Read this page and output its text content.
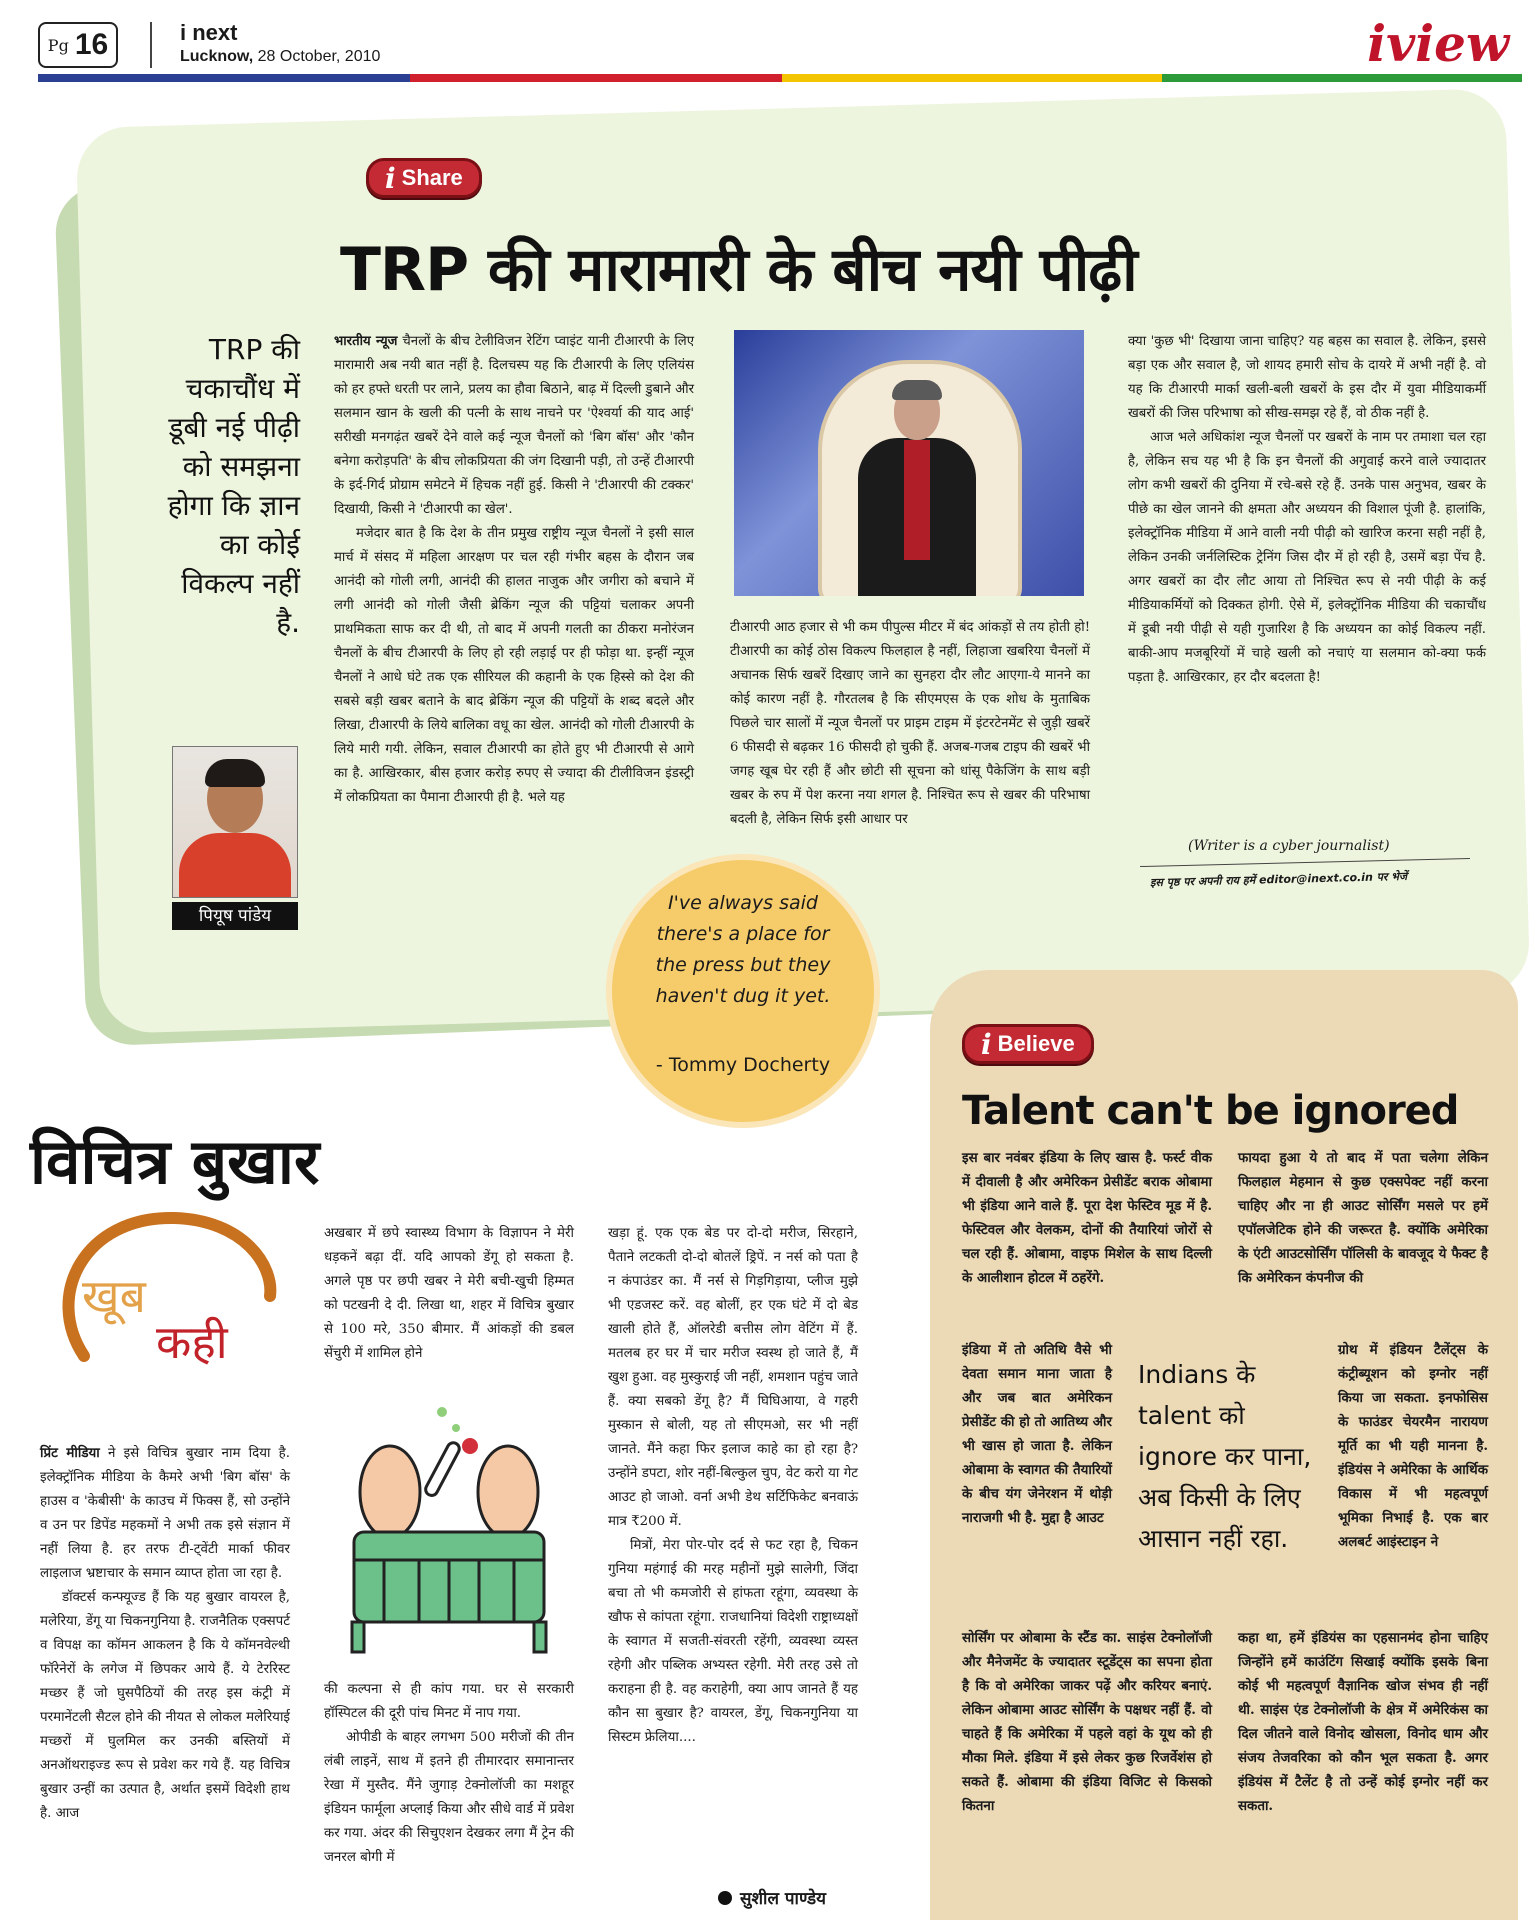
Pg 16	i next
Lucknow, 28 October, 2010	iview
i Share
TRP की मारामारी के बीच नयी पीढ़ी
TRP की चकाचौंध में डूबी नई पीढ़ी को समझना होगा कि ज्ञान का कोई विकल्प नहीं है.
पियूष पांडेय

भारतीय न्यूज चैनलों के बीच टेलीविजन रेटिंग प्वाइंट यानी टीआरपी के लिए मारामारी अब नयी बात नहीं है. दिलचस्प यह कि टीआरपी के लिए एलियंस को हर हफ्ते धरती पर लाने, प्रलय का हौवा बिठाने, बाढ़ में दिल्ली डुबाने और सलमान खान के खली की पत्नी के साथ नाचने पर 'ऐश्वर्या की याद आई' सरीखी मनगढ़ंत खबरें देने वाले कई न्यूज चैनलों को 'बिग बॉस' और 'कौन बनेगा करोड़पति' के बीच लोकप्रियता की जंग दिखानी पड़ी, तो उन्हें टीआरपी के इर्द-गिर्द प्रोग्राम समेटने में हिचक नहीं हुई. किसी ने 'टीआरपी की टक्कर' दिखायी, किसी ने 'टीआरपी का खेल'.

मजेदार बात है कि देश के तीन प्रमुख राष्ट्रीय न्यूज चैनलों ने इसी साल मार्च में संसद में महिला आरक्षण पर चल रही गंभीर बहस के दौरान जब आनंदी को गोली लगी, आनंदी की हालत नाजुक और जगीरा को बचाने में लगी आनंदी को गोली जैसी ब्रेकिंग न्यूज की पट्टियां चलाकर अपनी प्राथमिकता साफ कर दी थी, तो बाद में अपनी गलती का ठीकरा मनोरंजन चैनलों के बीच टीआरपी के लिए हो रही लड़ाई पर ही फोड़ा था. इन्हीं न्यूज चैनलों ने आधे घंटे तक एक सीरियल की कहानी के एक हिस्से को देश की सबसे बड़ी खबर बताने के बाद ब्रेकिंग न्यूज की पट्टियों के शब्द बदले और लिखा, टीआरपी के लिये बालिका वधू का खेल. आनंदी को गोली टीआरपी के लिये मारी गयी. लेकिन, सवाल टीआरपी का होते हुए भी टीआरपी से आगे का है. आखिरकार, बीस हजार करोड़ रुपए से ज्यादा की टीलीविजन इंडस्ट्री में लोकप्रियता का पैमाना टीआरपी ही है. भले यह

टीआरपी आठ हजार से भी कम पीपुल्स मीटर में बंद आंकड़ों से तय होती हो! टीआरपी का कोई ठोस विकल्प फिलहाल है नहीं, लिहाजा खबरिया चैनलों में अचानक सिर्फ खबरें दिखाए जाने का सुनहरा दौर लौट आएगा-ये मानने का कोई कारण नहीं है. गौरतलब है कि सीएमएस के एक शोध के मुताबिक पिछले चार सालों में न्यूज चैनलों पर प्राइम टाइम में इंटरटेनमेंट से जुड़ी खबरें 6 फीसदी से बढ़कर 16 फीसदी हो चुकी हैं. अजब-गजब टाइप की खबरें भी जगह खूब घेर रही हैं और छोटी सी सूचना को धांसू पैकेजिंग के साथ बड़ी खबर के रुप में पेश करना नया शगल है. निश्चित रूप से खबर की परिभाषा बदली है, लेकिन सिर्फ इसी आधार पर

क्या 'कुछ भी' दिखाया जाना चाहिए? यह बहस का सवाल है. लेकिन, इससे बड़ा एक और सवाल है, जो शायद हमारी सोच के दायरे में अभी नहीं है. वो यह कि टीआरपी मार्का खली-बली खबरों के इस दौर में युवा मीडियाकर्मी खबरों की जिस परिभाषा को सीख-समझ रहे हैं, वो ठीक नहीं है.

आज भले अधिकांश न्यूज चैनलों पर खबरों के नाम पर तमाशा चल रहा है, लेकिन सच यह भी है कि इन चैनलों की अगुवाई करने वाले ज्यादातर लोग कभी खबरों की दुनिया में रचे-बसे रहे हैं. उनके पास अनुभव, खबर के पीछे का खेल जानने की क्षमता और अध्ययन की विशाल पूंजी है. हालांकि, इलेक्ट्रॉनिक मीडिया में आने वाली नयी पीढ़ी को खारिज करना सही नहीं है, लेकिन उनकी जर्नलिस्टिक ट्रेनिंग जिस दौर में हो रही है, उसमें बड़ा पेंच है. अगर खबरों का दौर लौट आया तो निश्चित रूप से नयी पीढ़ी के कई मीडियाकर्मियों को दिक्कत होगी. ऐसे में, इलेक्ट्रॉनिक मीडिया की चकाचौंध में डूबी नयी पीढ़ी से यही गुजारिश है कि अध्ययन का कोई विकल्प नहीं. बाकी-आप मजबूरियों में चाहे खली को नचाएं या सलमान को-क्या फर्क पड़ता है. आखिरकार, हर दौर बदलता है!

(Writer is a cyber journalist)
इस पृष्ठ पर अपनी राय हमें editor@inext.co.in पर भेजें
I've always said there's a place for the press but they haven't dug it yet.
- Tommy Docherty
i Believe
Talent can't be ignored

इस बार नवंबर इंडिया के लिए खास है. फर्स्ट वीक में दीवाली है और अमेरिकन प्रेसीडेंट बराक ओबामा भी इंडिया आने वाले हैं. पूरा देश फेस्टिव मूड में है. फेस्टिवल और वेलकम, दोनों की तैयारियां जोरों से चल रही हैं. ओबामा, वाइफ मिशेल के साथ दिल्ली के आलीशान होटल में ठहरेंगे.

इंडिया में तो अतिथि वैसे भी देवता समान माना जाता है और जब बात अमेरिकन प्रेसीडेंट की हो तो आतिथ्य और भी खास हो जाता है. लेकिन ओबामा के स्वागत की तैयारियों के बीच यंग जेनेरशन में थोड़ी नाराजगी भी है. मुद्दा है आउट

सोर्सिंग पर ओबामा के स्टैंड का. साइंस टेक्नोलॉजी और मैनेजमेंट के ज्यादातर स्टूडेंट्स का सपना होता है कि वो अमेरिका जाकर पढ़ें और करियर बनाएं. लेकिन ओबामा आउट सोर्सिंग के पक्षधर नहीं हैं. वो चाहते हैं कि अमेरिका में पहले वहां के यूथ को ही मौका मिले. इंडिया में इसे लेकर कुछ रिजर्वेशंस हो सकते हैं. ओबामा की इंडिया विजिट से किसको कितना

फायदा हुआ ये तो बाद में पता चलेगा लेकिन फिलहाल मेहमान से कुछ एक्सपेक्ट नहीं करना चाहिए और ना ही आउट सोर्सिंग मसले पर हमें एपॉलजेटिक होने की जरूरत है. क्योंकि अमेरिका के एंटी आउटसोर्सिंग पॉलिसी के बावजूद ये फैक्ट है कि अमेरिकन कंपनीज की

ग्रोथ में इंडियन टैलेंट्स के कंट्रीब्यूशन को इग्नोर नहीं किया जा सकता. इनफोसिस के फाउंडर चेयरमैन नारायण मूर्ति का भी यही मानना है. इंडियंस ने अमेरिका के आर्थिक विकास में भी महत्वपूर्ण भूमिका निभाई है. एक बार अलबर्ट आइंस्टाइन ने

कहा था, हमें इंडियंस का एहसानमंद होना चाहिए जिन्होंने हमें काउंटिंग सिखाई क्योंकि इसके बिना कोई भी महत्वपूर्ण वैज्ञानिक खोज संभव ही नहीं थी. साइंस एंड टेक्नोलॉजी के क्षेत्र में अमेरिकंस का दिल जीतने वाले विनोद खोसला, विनोद धाम और संजय तेजवरिका को कौन भूल सकता है. अगर इंडियंस में टैलेंट है तो उन्हें कोई इग्नोर नहीं कर सकता.

Indians के talent को ignore कर पाना, अब किसी के लिए आसान नहीं रहा.
विचित्र बुखार
खूब
कही

प्रिंट मीडिया ने इसे विचित्र बुखार नाम दिया है. इलेक्ट्रॉनिक मीडिया के कैमरे अभी 'बिग बॉस' के हाउस व 'केबीसी' के काउच में फिक्स हैं, सो उन्होंने व उन पर डिपेंड महकमों ने अभी तक इसे संज्ञान में नहीं लिया है. हर तरफ टी-ट्वेंटी मार्का फीवर लाइलाज भ्रष्टाचार के समान व्याप्त होता जा रहा है.

डॉक्टर्स कन्फ्यूज्ड हैं कि यह बुखार वायरल है, मलेरिया, डेंगू या चिकनगुनिया है. राजनैतिक एक्सपर्ट व विपक्ष का कॉमन आकलन है कि ये कॉमनवेल्थी फॉरेनेरों के लगेज में छिपकर आये हैं. ये टेररिस्ट मच्छर हैं जो घुसपैठियों की तरह इस कंट्री में परमानेंटली सैटल होने की नीयत से लोकल मलेरियाई मच्छरों में घुलमिल कर उनकी बस्तियों में अनऑथराइज्ड रूप से प्रवेश कर गये हैं. यह विचित्र बुखार उन्हीं का उत्पात है, अर्थात इसमें विदेशी हाथ है. आज

अखबार में छपे स्वास्थ्य विभाग के विज्ञापन ने मेरी धड़कनें बढ़ा दीं. यदि आपको डेंगू हो सकता है. अगले पृष्ठ पर छपी खबर ने मेरी बची-खुची हिम्मत को पटखनी दे दी. लिखा था, शहर में विचित्र बुखार से 100 मरे, 350 बीमार. मैं आंकड़ों की डबल सेंचुरी में शामिल होने

की कल्पना से ही कांप गया. घर से सरकारी हॉस्पिटल की दूरी पांच मिनट में नाप गया.

ओपीडी के बाहर लगभग 500 मरीजों की तीन लंबी लाइनें, साथ में इतने ही तीमारदार समानान्तर रेखा में मुस्तैद. मैंने जुगाड़ टेक्नोलॉजी का मशहूर इंडियन फार्मूला अप्लाई किया और सीधे वार्ड में प्रवेश कर गया. अंदर की सिचुएशन देखकर लगा मैं ट्रेन की जनरल बोगी में

खड़ा हूं. एक एक बेड पर दो-दो मरीज, सिरहाने, पैताने लटकती दो-दो बोतलें ड्रिपें. न नर्स को पता है न कंपाउंडर का. मैं नर्स से गिड़गिड़ाया, प्लीज मुझे भी एडजस्ट करें. वह बोलीं, हर एक घंटे में दो बेड खाली होते हैं, ऑलरेडी बत्तीस लोग वेटिंग में हैं. मतलब हर घर में चार मरीज स्वस्थ हो जाते हैं, मैं खुश हुआ. वह मुस्कुराई जी नहीं, शमशान पहुंच जाते हैं. क्या सबको डेंगू है? मैं घिघिआया, वे गहरी मुस्कान से बोली, यह तो सीएमओ, सर भी नहीं जानते. मैंने कहा फिर इलाज काहे का हो रहा है? उन्होंने डपटा, शोर नहीं-बिल्कुल चुप, वेट करो या गेट आउट हो जाओ. वर्ना अभी डेथ सर्टिफिकेट बनवाऊं मात्र ₹200 में.

मित्रों, मेरा पोर-पोर दर्द से फट रहा है, चिकन गुनिया महंगाई की मरह महीनों मुझे सालेगी, जिंदा बचा तो भी कमजोरी से हांफता रहूंगा, व्यवस्था के खौफ से कांपता रहूंगा. राजधानियां विदेशी राष्ट्राध्यक्षों के स्वागत में सजती-संवरती रहेंगी, व्यवस्था व्यस्त रहेगी और पब्लिक अभ्यस्त रहेगी. मेरी तरह उसे तो कराहना ही है. वह कराहेगी, क्या आप जानते हैं यह कौन सा बुखार है? वायरल, डेंगू, चिकनगुनिया या सिस्टम फ्रेलिया....

सुशील पाण्डेय
